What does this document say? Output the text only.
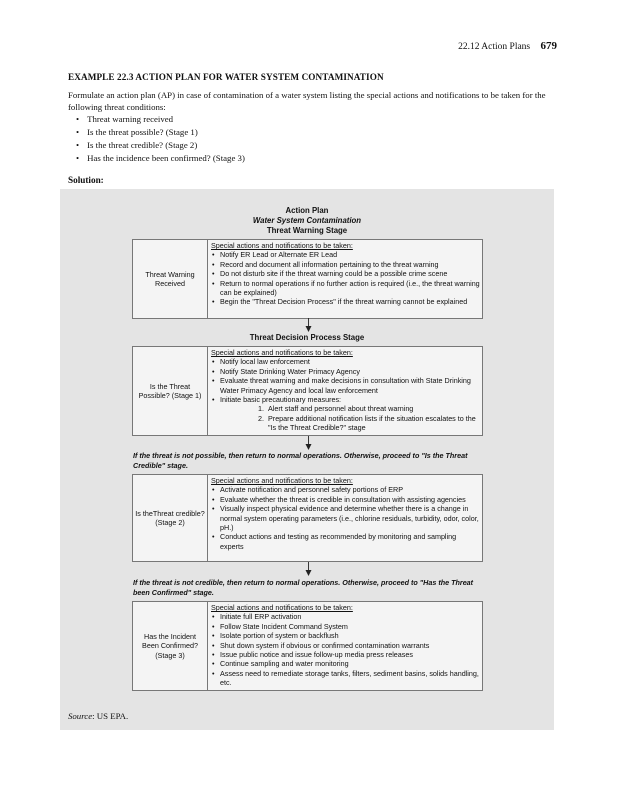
22.12 Action Plans 679
EXAMPLE 22.3 ACTION PLAN FOR WATER SYSTEM CONTAMINATION
Formulate an action plan (AP) in case of contamination of a water system listing the special actions and notifications to be taken for the following threat conditions:
• Threat warning received
• Is the threat possible? (Stage 1)
• Is the threat credible? (Stage 2)
• Has the incidence been confirmed? (Stage 3)
Solution:
Action Plan
Water System Contamination
Threat Warning Stage
Threat Warning Received
Special actions and notifications to be taken:
• Notify ER Lead or Alternate ER Lead
• Record and document all information pertaining to the threat warning
• Do not disturb site if the threat warning could be a possible crime scene
• Return to normal operations if no further action is required (i.e., the threat warning can be explained)
• Begin the "Threat Decision Process" if the threat warning cannot be explained
Threat Decision Process Stage
Is the Threat Possible? (Stage 1)
Special actions and notifications to be taken:
• Notify local law enforcement
• Notify State Drinking Water Primacy Agency
• Evaluate threat warning and make decisions in consultation with State Drinking Water Primacy Agency and local law enforcement
• Initiate basic precautionary measures:
1. Alert staff and personnel about threat warning
2. Prepare additional notification lists if the situation escalates to the "Is the Threat Credible?" stage
If the threat is not possible, then return to normal operations. Otherwise, proceed to "Is the Threat Credible" stage.
Is theThreat credible? (Stage 2)
Special actions and notifications to be taken:
• Activate notification and personnel safety portions of ERP
• Evaluate whether the threat is credible in consultation with assisting agencies
• Visually inspect physical evidence and determine whether there is a change in normal system operating parameters (i.e., chlorine residuals, turbidity, odor, color, pH.)
• Conduct actions and testing as recommended by monitoring and sampling experts
If the threat is not credible, then return to normal operations. Otherwise, proceed to "Has the Threat been Confirmed" stage.
Has the Incident Been Confirmed? (Stage 3)
Special actions and notifications to be taken:
• Initiate full ERP activation
• Follow State Incident Command System
• Isolate portion of system or backflush
• Shut down system if obvious or confirmed contamination warrants
• Issue public notice and issue follow-up media press releases
• Continue sampling and water monitoring
• Assess need to remediate storage tanks, filters, sediment basins, solids handling, etc.
Source: US EPA.
